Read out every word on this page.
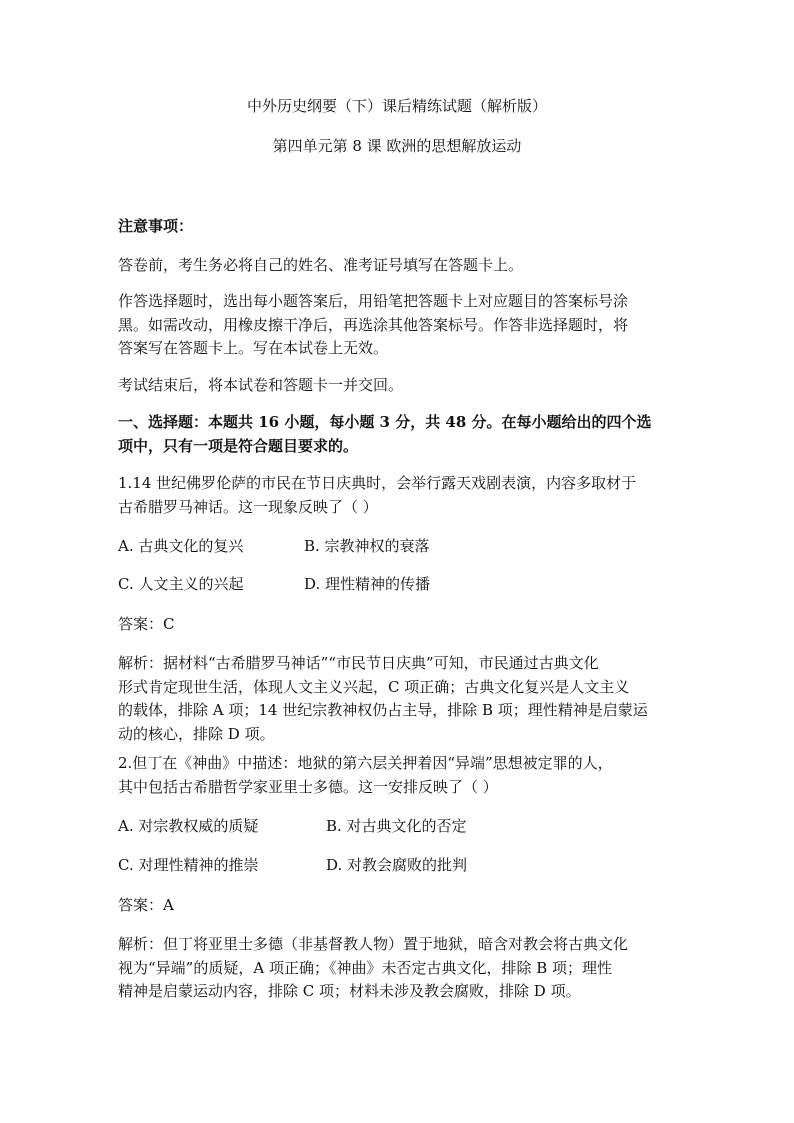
中外历史纲要（下）课后精练试题（解析版）
第四单元第 8 课 欧洲的思想解放运动
注意事项：
答卷前，考生务必将自己的姓名、准考证号填写在答题卡上。
作答选择题时，选出每小题答案后，用铅笔把答题卡上对应题目的答案标号涂
黑。如需改动，用橡皮擦干净后，再选涂其他答案标号。作答非选择题时，将
答案写在答题卡上。写在本试卷上无效。
考试结束后，将本试卷和答题卡一并交回。
一、选择题：本题共 16 小题，每小题 3 分，共 48 分。在每小题给出的四个选
项中，只有一项是符合题目要求的。
1.14 世纪佛罗伦萨的市民在节日庆典时，会举行露天戏剧表演，内容多取材于
古希腊罗马神话。这一现象反映了（ ）
A. 古典文化的复兴	B. 宗教神权的衰落
C. 人文主义的兴起	D. 理性精神的传播
答案：C
解析：据材料“古希腊罗马神话”“市民节日庆典”可知，市民通过古典文化
形式肯定现世生活，体现人文主义兴起，C 项正确；古典文化复兴是人文主义
的载体，排除 A 项；14 世纪宗教神权仍占主导，排除 B 项；理性精神是启蒙运
动的核心，排除 D 项。
2.但丁在《神曲》中描述：地狱的第六层关押着因“异端”思想被定罪的人，
其中包括古希腊哲学家亚里士多德。这一安排反映了（ ）
A. 对宗教权威的质疑	B. 对古典文化的否定
C. 对理性精神的推崇	D. 对教会腐败的批判
答案：A
解析：但丁将亚里士多德（非基督教人物）置于地狱，暗含对教会将古典文化
视为“异端”的质疑，A 项正确；《神曲》未否定古典文化，排除 B 项；理性
精神是启蒙运动内容，排除 C 项；材料未涉及教会腐败，排除 D 项。
